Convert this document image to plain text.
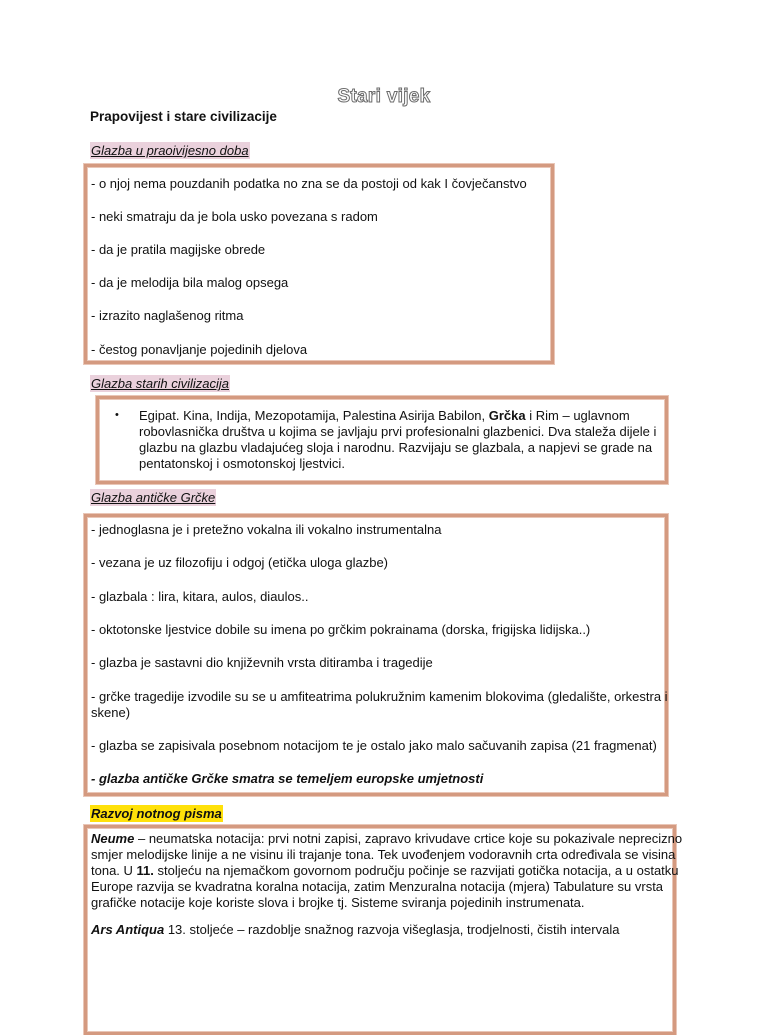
Stari vijek
Prapovijest i stare civilizacije
Glazba u praoivijesno doba
- o njoj nema pouzdanih podatka no zna se da postoji od kak I čovječanstvo
- neki smatraju da je bola usko povezana s radom
- da je pratila magijske obrede
- da je melodija bila malog opsega
- izrazito naglašenog ritma
- čestog ponavljanje pojedinih djelova
Glazba starih civilizacija
• Egipat. Kina, Indija, Mezopotamija, Palestina Asirija Babilon, Grčka i Rim – uglavnom
robovlasnička društva u kojima se javljaju prvi profesionalni glazbenici. Dva staleža dijele i
glazbu na glazbu vladajućeg sloja i narodnu. Razvijaju se glazbala, a napjevi se grade na
pentatonskoj i osmotonskoj ljestvici.
Glazba antičke Grčke
- jednoglasna je i pretežno vokalna ili vokalno instrumentalna
- vezana je uz filozofiju i odgoj (etička uloga glazbe)
- glazbala : lira, kitara, aulos, diaulos..
- oktotonske ljestvice dobile su imena po grčkim pokrainama (dorska, frigijska lidijska..)
- glazba je sastavni dio književnih vrsta ditiramba i tragedije
- grčke tragedije izvodile su se u amfiteatrima polukružnim kamenim blokovima (gledalište, orkestra i
skene)
- glazba se zapisivala posebnom notacijom te je ostalo jako malo sačuvanih zapisa (21 fragmenat)
- glazba antičke Grčke smatra se temeljem europske umjetnosti
Razvoj notnog pisma
Neume – neumatska notacija: prvi notni zapisi, zapravo krivudave crtice koje su pokazivale neprecizno
smjer melodijske linije a ne visinu ili trajanje tona. Tek uvođenjem vodoravnih crta određivala se visina
tona. U 11. stoljeću na njemačkom govornom području počinje se razvijati gotička notacija, a u ostatku
Europe razvija se kvadratna koralna notacija, zatim Menzuralna notacija (mjera) Tabulature su vrsta
grafičke notacije koje koriste slova i brojke tj. Sisteme sviranja pojedinih instrumenata.
Ars Antiqua 13. stoljeće – razdoblje snažnog razvoja višeglasja, trodjelnosti, čistih intervala
